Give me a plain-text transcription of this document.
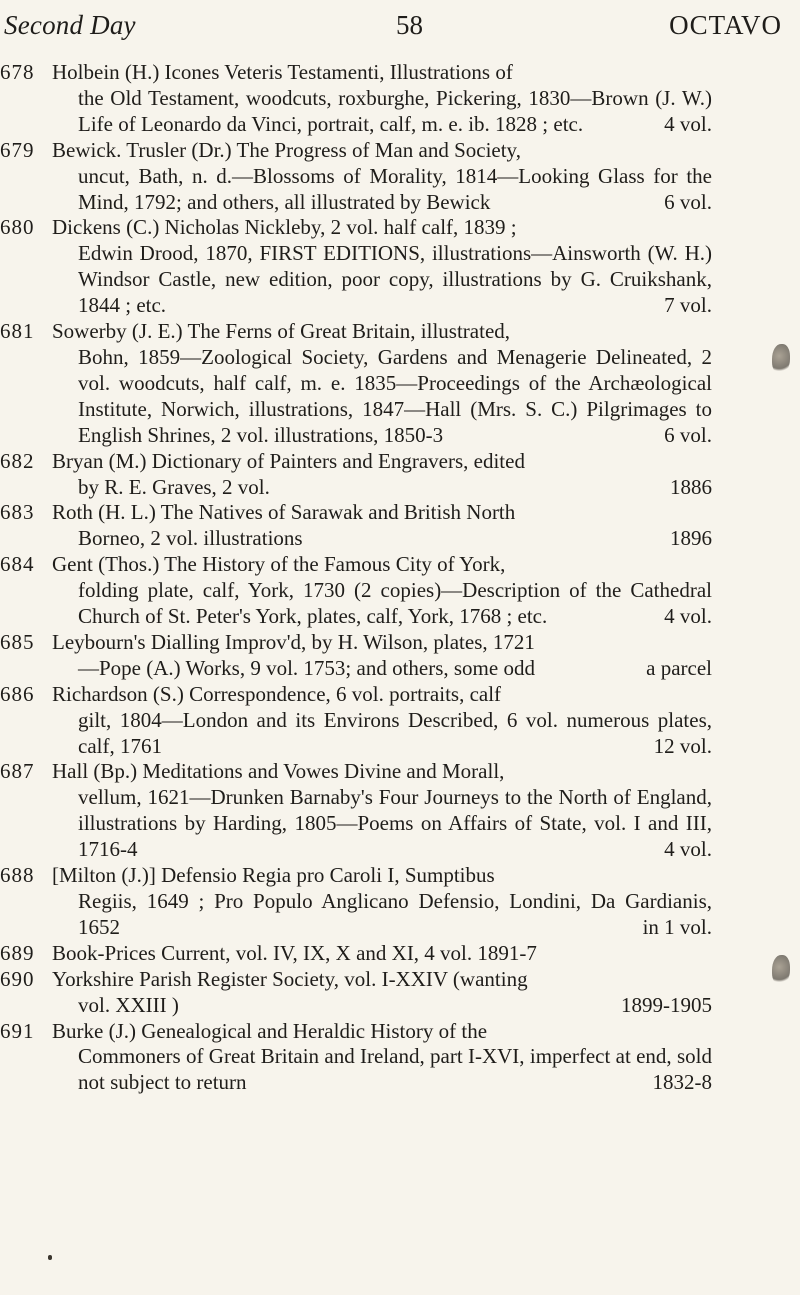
Second Day	58	OCTAVO
678 Holbein (H.) Icones Veteris Testamenti, Illustrations of
the Old Testament, woodcuts, roxburghe, Pickering, 1830—Brown (J. W.) Life of Leonardo da Vinci, portrait, calf, m. e. ib. 1828 ; etc.	4 vol.
679 Bewick. Trusler (Dr.) The Progress of Man and Society,
uncut, Bath, n. d.—Blossoms of Morality, 1814—Looking Glass for the Mind, 1792; and others, all illustrated by Bewick	6 vol.
680 Dickens (C.) Nicholas Nickleby, 2 vol. half calf, 1839 ;
Edwin Drood, 1870, FIRST EDITIONS, illustrations—Ainsworth (W. H.) Windsor Castle, new edition, poor copy, illustrations by G. Cruikshank, 1844 ; etc.	7 vol.
681 Sowerby (J. E.) The Ferns of Great Britain, illustrated,
Bohn, 1859—Zoological Society, Gardens and Menagerie Delineated, 2 vol. woodcuts, half calf, m. e. 1835—Proceedings of the Archæological Institute, Norwich, illustrations, 1847—Hall (Mrs. S. C.) Pilgrimages to English Shrines, 2 vol. illustrations, 1850-3	6 vol.
682 Bryan (M.) Dictionary of Painters and Engravers, edited
by R. E. Graves, 2 vol.	1886
683 Roth (H. L.) The Natives of Sarawak and British North
Borneo, 2 vol. illustrations	1896
684 Gent (Thos.) The History of the Famous City of York,
folding plate, calf, York, 1730 (2 copies)—Description of the Cathedral Church of St. Peter's York, plates, calf, York, 1768 ; etc.	4 vol.
685 Leybourn's Dialling Improv'd, by H. Wilson, plates, 1721
—Pope (A.) Works, 9 vol. 1753; and others, some odd	a parcel
686 Richardson (S.) Correspondence, 6 vol. portraits, calf
gilt, 1804—London and its Environs Described, 6 vol. numerous plates, calf, 1761	12 vol.
687 Hall (Bp.) Meditations and Vowes Divine and Morall,
vellum, 1621—Drunken Barnaby's Four Journeys to the North of England, illustrations by Harding, 1805—Poems on Affairs of State, vol. I and III, 1716-4	4 vol.
688 [Milton (J.)] Defensio Regia pro Caroli I, Sumptibus
Regiis, 1649 ; Pro Populo Anglicano Defensio, Londini, Da Gardianis, 1652	in 1 vol.
689 Book-Prices Current, vol. IV, IX, X and XI, 4 vol. 1891-7
690 Yorkshire Parish Register Society, vol. I-XXIV (wanting
vol. XXIII )	1899-1905
691 Burke (J.) Genealogical and Heraldic History of the
Commoners of Great Britain and Ireland, part I-XVI, imperfect at end, sold not subject to return	1832-8
